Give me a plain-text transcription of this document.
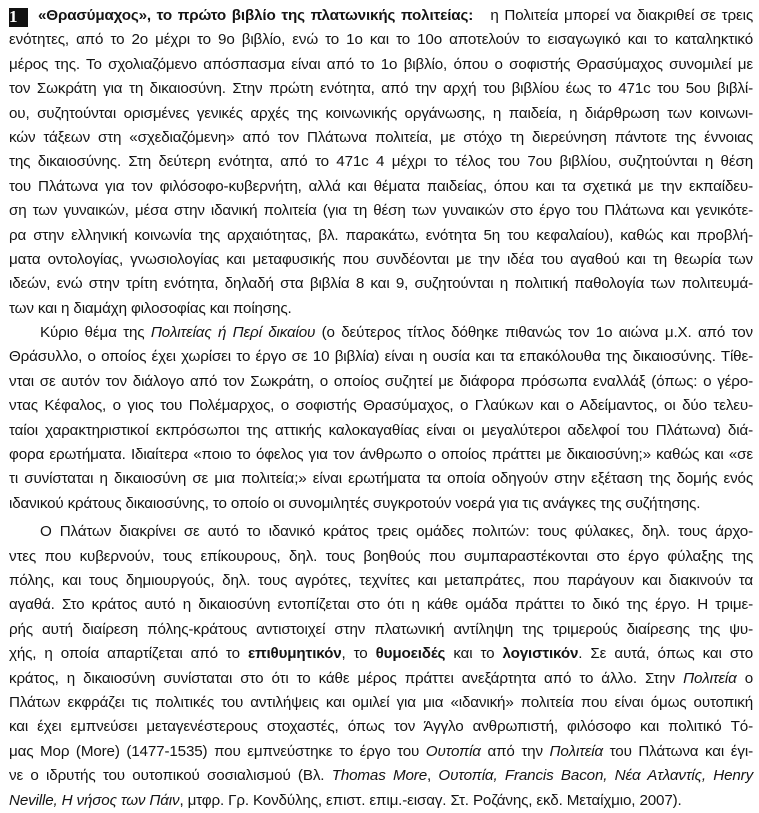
1 «Θρασύμαχος», το πρώτο βιβλίο της πλατωνικής πολιτείας: η Πολιτεία μπορεί να διακριθεί σε τρεις
ενότητες, από το 2ο μέχρι το 9ο βιβλίο, ενώ το 1ο και το 10ο αποτελούν το εισαγωγικό και το καταληκτικό
μέρος της. Το σχολιαζόμενο απόσπασμα είναι από το 1ο βιβλίο, όπου ο σοφιστής Θρασύμαχος συνομιλεί με
τον Σωκράτη για τη δικαιοσύνη. Στην πρώτη ενότητα, από την αρχή του βιβλίου έως το 471c του 5ου βιβλί-
ου, συζητούνται ορισμένες γενικές αρχές της κοινωνικής οργάνωσης, η παιδεία, η διάρθρωση των κοινωνι-
κών τάξεων στη «σχεδιαζόμενη» από τον Πλάτωνα πολιτεία, με στόχο τη διερεύνηση πάντοτε της έννοιας
της δικαιοσύνης. Στη δεύτερη ενότητα, από το 471c 4 μέχρι το τέλος του 7ου βιβλίου, συζητούνται η θέση
του Πλάτωνα για τον φιλόσοφο-κυβερνήτη, αλλά και θέματα παιδείας, όπου και τα σχετικά με την εκπαίδευ-
ση των γυναικών, μέσα στην ιδανική πολιτεία (για τη θέση των γυναικών στο έργο του Πλάτωνα και γενικότε-
ρα στην ελληνική κοινωνία της αρχαιότητας, βλ. παρακάτω, ενότητα 5η του κεφαλαίου), καθώς και προβλή-
ματα οντολογίας, γνωσιολογίας και μεταφυσικής που συνδέονται με την ιδέα του αγαθού και τη θεωρία των
ιδεών, ενώ στην τρίτη ενότητα, δηλαδή στα βιβλία 8 και 9, συζητούνται η πολιτική παθολογία των πολιτευμά-
των και η διαμάχη φιλοσοφίας και ποίησης.
Κύριο θέμα της Πολιτείας ή Περί δικαίου (ο δεύτερος τίτλος δόθηκε πιθανώς τον 1ο αιώνα μ.Χ. από τον
Θράσυλλο, ο οποίος έχει χωρίσει το έργο σε 10 βιβλία) είναι η ουσία και τα επακόλουθα της δικαιοσύνης. Τίθε-
νται σε αυτόν τον διάλογο από τον Σωκράτη, ο οποίος συζητεί με διάφορα πρόσωπα εναλλάξ (όπως: ο γέρο-
ντας Κέφαλος, ο γιος του Πολέμαρχος, ο σοφιστής Θρασύμαχος, ο Γλαύκων και ο Αδείμαντος, οι δύο τελευ-
ταίοι χαρακτηριστικοί εκπρόσωποι της αττικής καλοκαγαθίας είναι οι μεγαλύτεροι αδελφοί του Πλάτωνα) διά-
φορα ερωτήματα. Ιδιαίτερα «ποιο το όφελος για τον άνθρωπο ο οποίος πράττει με δικαιοσύνη;» καθώς και «σε
τι συνίσταται η δικαιοσύνη σε μια πολιτεία;» είναι ερωτήματα τα οποία οδηγούν στην εξέταση της δομής ενός
ιδανικού κράτους δικαιοσύνης, το οποίο οι συνομιλητές συγκροτούν νοερά για τις ανάγκες της συζήτησης.
Ο Πλάτων διακρίνει σε αυτό το ιδανικό κράτος τρεις ομάδες πολιτών: τους φύλακες, δηλ. τους άρχο-
ντες που κυβερνούν, τους επίκουρους, δηλ. τους βοηθούς που συμπαραστέκονται στο έργο φύλαξης της
πόλης, και τους δημιουργούς, δηλ. τους αγρότες, τεχνίτες και μεταπράτες, που παράγουν και διακινούν τα
αγαθά. Στο κράτος αυτό η δικαιοσύνη εντοπίζεται στο ότι η κάθε ομάδα πράττει το δικό της έργο. Η τριμε-
ρής αυτή διαίρεση πόλης-κράτους αντιστοιχεί στην πλατωνική αντίληψη της τριμερούς διαίρεσης της ψυ-
χής, η οποία απαρτίζεται από το επιθυμητικόν, το θυμοειδές και το λογιστικόν. Σε αυτά, όπως και στο
κράτος, η δικαιοσύνη συνίσταται στο ότι το κάθε μέρος πράττει ανεξάρτητα από το άλλο. Στην Πολιτεία ο
Πλάτων εκφράζει τις πολιτικές του αντιλήψεις και ομιλεί για μια «ιδανική» πολιτεία που είναι όμως ουτοπική
και έχει εμπνεύσει μεταγενέστερους στοχαστές, όπως τον Άγγλο ανθρωπιστή, φιλόσοφο και πολιτικό Tό-
μας Μορ (More) (1477-1535) που εμπνεύστηκε το έργο του Ουτοπία από την Πολιτεία του Πλάτωνα και έγι-
νε ο ιδρυτής του ουτοπικού σοσιαλισμού (Βλ. Thomas More, Ουτοπία, Francis Bacon, Νέα Ατλαντίς, Henry
Neville, Η νήσος των Πάιν, μτφρ. Γρ. Κονδύλης, επιστ. επιμ.-εισαγ. Στ. Ροζάνης, εκδ. Μεταίχμιο, 2007).
